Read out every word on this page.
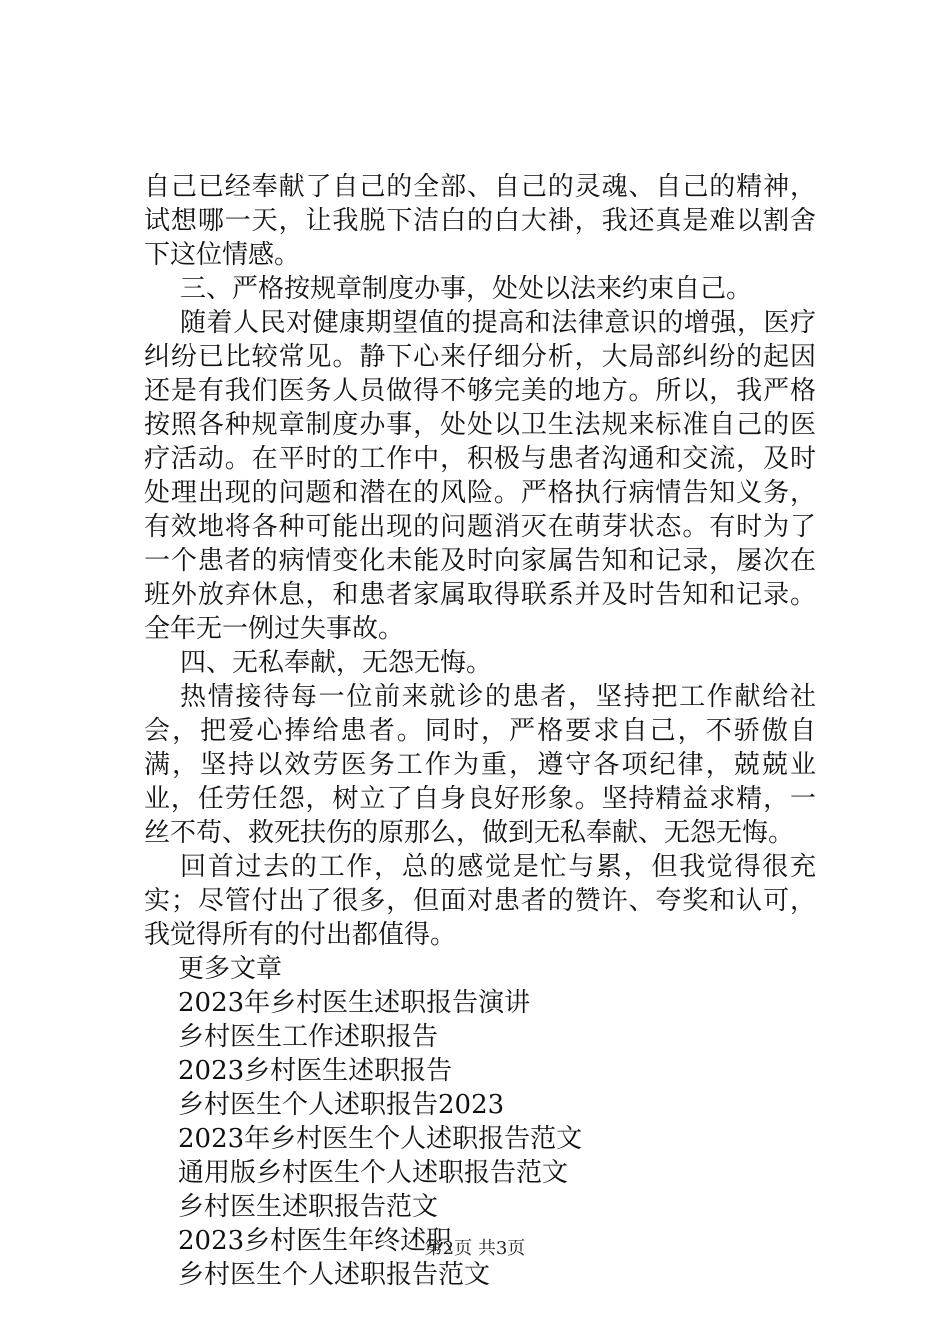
自己已经奉献了自己的全部、自己的灵魂、自己的精神，试想哪一天，让我脱下洁白的白大褂，我还真是难以割舍下这位情感。

三、严格按规章制度办事，处处以法来约束自己。

随着人民对健康期望值的提高和法律意识的增强，医疗纠纷已比较常见。静下心来仔细分析，大局部纠纷的起因还是有我们医务人员做得不够完美的地方。所以，我严格按照各种规章制度办事，处处以卫生法规来标准自己的医疗活动。在平时的工作中，积极与患者沟通和交流，及时处理出现的问题和潜在的风险。严格执行病情告知义务，有效地将各种可能出现的问题消灭在萌芽状态。有时为了一个患者的病情变化未能及时向家属告知和记录，屡次在班外放弃休息，和患者家属取得联系并及时告知和记录。全年无一例过失事故。

四、无私奉献，无怨无悔。

热情接待每一位前来就诊的患者，坚持把工作献给社会，把爱心捧给患者。同时，严格要求自己，不骄傲自满，坚持以效劳医务工作为重，遵守各项纪律，兢兢业业，任劳任怨，树立了自身良好形象。坚持精益求精，一丝不苟、救死扶伤的原那么，做到无私奉献、无怨无悔。

回首过去的工作，总的感觉是忙与累，但我觉得很充实；尽管付出了很多，但面对患者的赞许、夸奖和认可，我觉得所有的付出都值得。

更多文章
2023年乡村医生述职报告演讲
乡村医生工作述职报告
2023乡村医生述职报告
乡村医生个人述职报告2023
2023年乡村医生个人述职报告范文
通用版乡村医生个人述职报告范文
乡村医生述职报告范文
2023乡村医生年终述职
乡村医生个人述职报告范文
第2页 共3页
